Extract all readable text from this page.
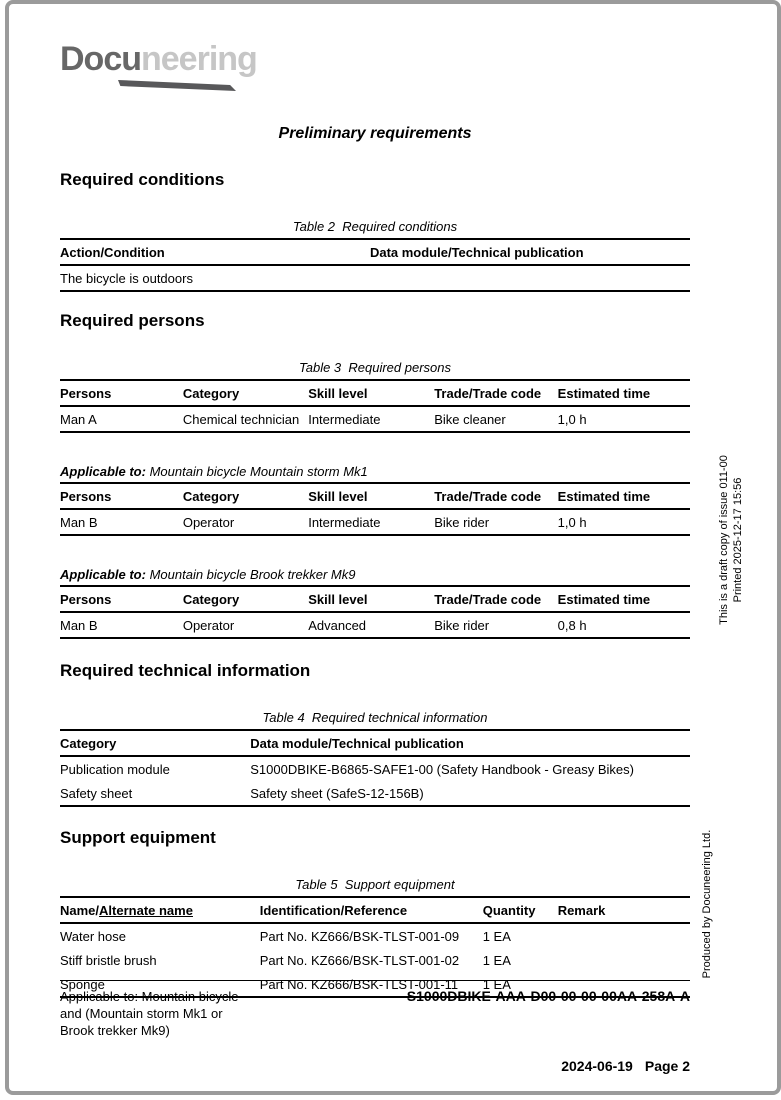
Docuneering
Preliminary requirements
Required conditions
Table 2  Required conditions
Action/Condition	Data module/Technical publication
The bicycle is outdoors	
Required persons
Table 3  Required persons
Persons	Category	Skill level	Trade/Trade code	Estimated time
Man A	Chemical technician	Intermediate	Bike cleaner	1,0 h
Applicable to: Mountain bicycle Mountain storm Mk1
Persons	Category	Skill level	Trade/Trade code	Estimated time
Man B	Operator	Intermediate	Bike rider	1,0 h
Applicable to: Mountain bicycle Brook trekker Mk9
Persons	Category	Skill level	Trade/Trade code	Estimated time
Man B	Operator	Advanced	Bike rider	0,8 h
Required technical information
Table 4  Required technical information
Category	Data module/Technical publication
Publication module	S1000DBIKE-B6865-SAFE1-00 (Safety Handbook - Greasy Bikes)
Safety sheet	Safety sheet (SafeS-12-156B)
Support equipment
Table 5  Support equipment
Name/Alternate name	Identification/Reference	Quantity	Remark
Water hose	Part No. KZ666/BSK-TLST-001-09	1 EA	
Stiff bristle brush	Part No. KZ666/BSK-TLST-001-02	1 EA	
Sponge	Part No. KZ666/BSK-TLST-001-11	1 EA	
This is a draft copy of issue 011-00 Printed 2025-12-17 15:56
Produced by Docuneering Ltd.
Applicable to: Mountain bicycle
and (Mountain storm Mk1 or
Brook trekker Mk9)
S1000DBIKE-AAA-D00-00-00-00AA-258A-A
2024-06-19 Page 2
